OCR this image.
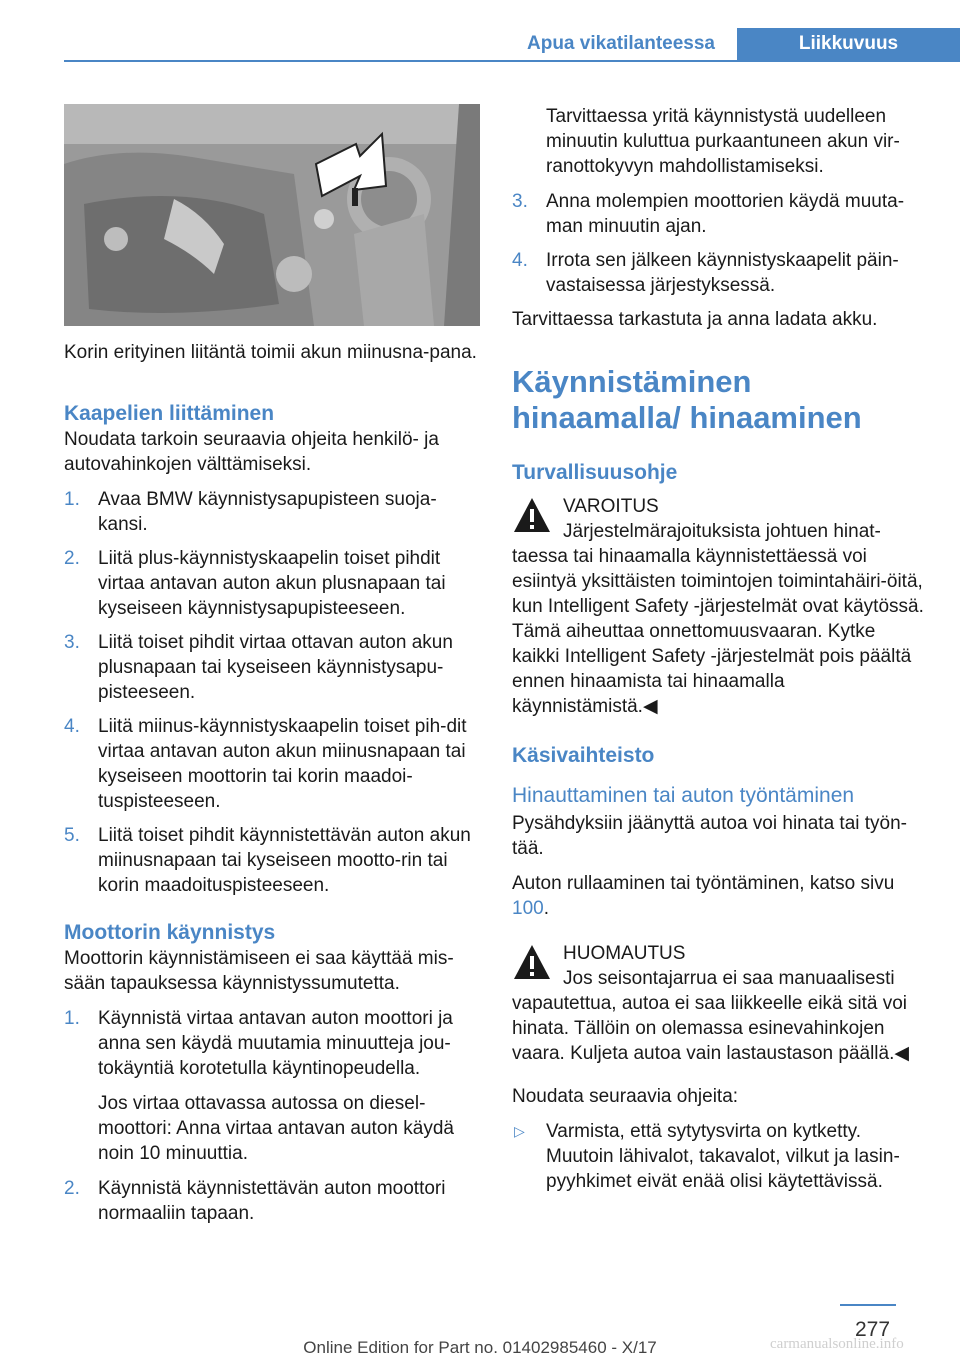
Apua vikatilanteessa	Liikkuvuus

Korin erityinen liitäntä toimii akun miinusna-pana.

Kaapelien liittäminen

Noudata tarkoin seuraavia ohjeita henkilö- ja autovahinkojen välttämiseksi.

1. Avaa BMW käynnistysapupisteen suoja-kansi.
2. Liitä plus-käynnistyskaapelin toiset pihdit virtaa antavan auton akun plusnapaan tai kyseiseen käynnistysapupisteeseen.
3. Liitä toiset pihdit virtaa ottavan auton akun plusnapaan tai kyseiseen käynnistysapu-pisteeseen.
4. Liitä miinus-käynnistyskaapelin toiset pih-dit virtaa antavan auton akun miinusnapaan tai kyseiseen moottorin tai korin maadoi-tuspisteeseen.
5. Liitä toiset pihdit käynnistettävän auton akun miinusnapaan tai kyseiseen mootto-rin tai korin maadoituspisteeseen.
Moottorin käynnistys

Moottorin käynnistämiseen ei saa käyttää mis-sään tapauksessa käynnistyssumutetta.

1. Käynnistä virtaa antavan auton moottori ja anna sen käydä muutamia minuutteja jou-tokäyntiä korotetulla käyntinopeudella.

Jos virtaa ottavassa autossa on diesel-moottori: Anna virtaa antavan auton käydä noin 10 minuuttia.

2. Käynnistä käynnistettävän auton moottori normaaliin tapaan.

Tarvittaessa yritä käynnistystä uudelleen minuutin kuluttua purkaantuneen akun vir-ranottokyvyn mahdollistamiseksi.

3. Anna molempien moottorien käydä muuta-man minuutin ajan.
4. Irrota sen jälkeen käynnistyskaapelit päin-vastaisessa järjestyksessä.

Tarvittaessa tarkastuta ja anna ladata akku.

Käynnistäminen hinaamalla/ hinaaminen
Turvallisuusohje
VAROITUS
Järjestelmärajoituksista johtuen hinat-
taessa tai hinaamalla käynnistettäessä voi esiintyä yksittäisten toimintojen toimintahäiri-öitä, kun Intelligent Safety -järjestelmät ovat käytössä. Tämä aiheuttaa onnettomuusvaaran. Kytke kaikki Intelligent Safety -järjestelmät pois päältä ennen hinaamista tai hinaamalla käynnistämistä.◀
Käsivaihteisto
Hinauttaminen tai auton työntäminen

Pysähdyksiin jäänyttä autoa voi hinata tai työn-tää.

Auton rullaaminen tai työntäminen, katso sivu 100.

HUOMAUTUS
Jos seisontajarrua ei saa manuaalisesti
vapautettua, autoa ei saa liikkeelle eikä sitä voi hinata. Tällöin on olemassa esinevahinkojen vaara. Kuljeta autoa vain lastaustason päällä.◀

Noudata seuraavia ohjeita:

▷ Varmista, että sytytysvirta on kytketty. Muutoin lähivalot, takavalot, vilkut ja lasin-pyyhkimet eivät enää olisi käytettävissä.
277
carmanualsonline.info
Online Edition for Part no. 01402985460 - X/17
